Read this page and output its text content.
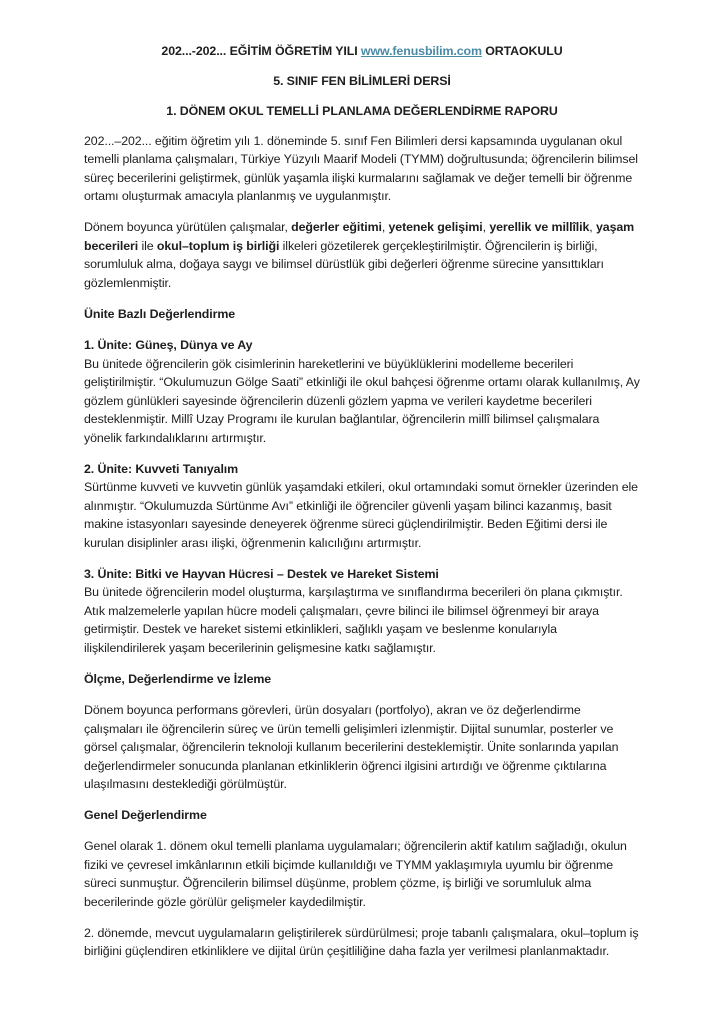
202...-202... EĞİTİM ÖĞRETİM YILI www.fenusbilim.com ORTAOKULU

5. SINIF FEN BİLİMLERİ DERSİ

1. DÖNEM OKUL TEMELLİ PLANLAMA DEĞERLENDİRME RAPORU

202...–202... eğitim öğretim yılı 1. döneminde 5. sınıf Fen Bilimleri dersi kapsamında uygulanan okul temelli planlama çalışmaları, Türkiye Yüzyılı Maarif Modeli (TYMM) doğrultusunda; öğrencilerin bilimsel süreç becerilerini geliştirmek, günlük yaşamla ilişki kurmalarını sağlamak ve değer temelli bir öğrenme ortamı oluşturmak amacıyla planlanmış ve uygulanmıştır.

Dönem boyunca yürütülen çalışmalar, değerler eğitimi, yetenek gelişimi, yerellik ve millîlik, yaşam becerileri ile okul–toplum iş birliği ilkeleri gözetilerek gerçekleştirilmiştir. Öğrencilerin iş birliği, sorumluluk alma, doğaya saygı ve bilimsel dürüstlük gibi değerleri öğrenme sürecine yansıttıkları gözlemlenmiştir.

Ünite Bazlı Değerlendirme

1. Ünite: Güneş, Dünya ve Ay
Bu ünitede öğrencilerin gök cisimlerinin hareketlerini ve büyüklüklerini modelleme becerileri geliştirilmiştir. “Okulumuzun Gölge Saati” etkinliği ile okul bahçesi öğrenme ortamı olarak kullanılmış, Ay gözlem günlükleri sayesinde öğrencilerin düzenli gözlem yapma ve verileri kaydetme becerileri desteklenmiştir. Millî Uzay Programı ile kurulan bağlantılar, öğrencilerin millî bilimsel çalışmalara yönelik farkındalıklarını artırmıştır.

2. Ünite: Kuvveti Tanıyalım
Sürtünme kuvveti ve kuvvetin günlük yaşamdaki etkileri, okul ortamındaki somut örnekler üzerinden ele alınmıştır. “Okulumuzda Sürtünme Avı” etkinliği ile öğrenciler güvenli yaşam bilinci kazanmış, basit makine istasyonları sayesinde deneyerek öğrenme süreci güçlendirilmiştir. Beden Eğitimi dersi ile kurulan disiplinler arası ilişki, öğrenmenin kalıcılığını artırmıştır.

3. Ünite: Bitki ve Hayvan Hücresi – Destek ve Hareket Sistemi
Bu ünitede öğrencilerin model oluşturma, karşılaştırma ve sınıflandırma becerileri ön plana çıkmıştır. Atık malzemelerle yapılan hücre modeli çalışmaları, çevre bilinci ile bilimsel öğrenmeyi bir araya getirmiştir. Destek ve hareket sistemi etkinlikleri, sağlıklı yaşam ve beslenme konularıyla ilişkilendirilerek yaşam becerilerinin gelişmesine katkı sağlamıştır.

Ölçme, Değerlendirme ve İzleme

Dönem boyunca performans görevleri, ürün dosyaları (portfolyo), akran ve öz değerlendirme çalışmaları ile öğrencilerin süreç ve ürün temelli gelişimleri izlenmiştir. Dijital sunumlar, posterler ve görsel çalışmalar, öğrencilerin teknoloji kullanım becerilerini desteklemiştir. Ünite sonlarında yapılan değerlendirmeler sonucunda planlanan etkinliklerin öğrenci ilgisini artırdığı ve öğrenme çıktılarına ulaşılmasını desteklediği görülmüştür.

Genel Değerlendirme

Genel olarak 1. dönem okul temelli planlama uygulamaları; öğrencilerin aktif katılım sağladığı, okulun fiziki ve çevresel imkânlarının etkili biçimde kullanıldığı ve TYMM yaklaşımıyla uyumlu bir öğrenme süreci sunmuştur. Öğrencilerin bilimsel düşünme, problem çözme, iş birliği ve sorumluluk alma becerilerinde gözle görülür gelişmeler kaydedilmiştir.

2. dönemde, mevcut uygulamaların geliştirilerek sürdürülmesi; proje tabanlı çalışmalara, okul–toplum iş birliğini güçlendiren etkinliklere ve dijital ürün çeşitliliğine daha fazla yer verilmesi planlanmaktadır.
